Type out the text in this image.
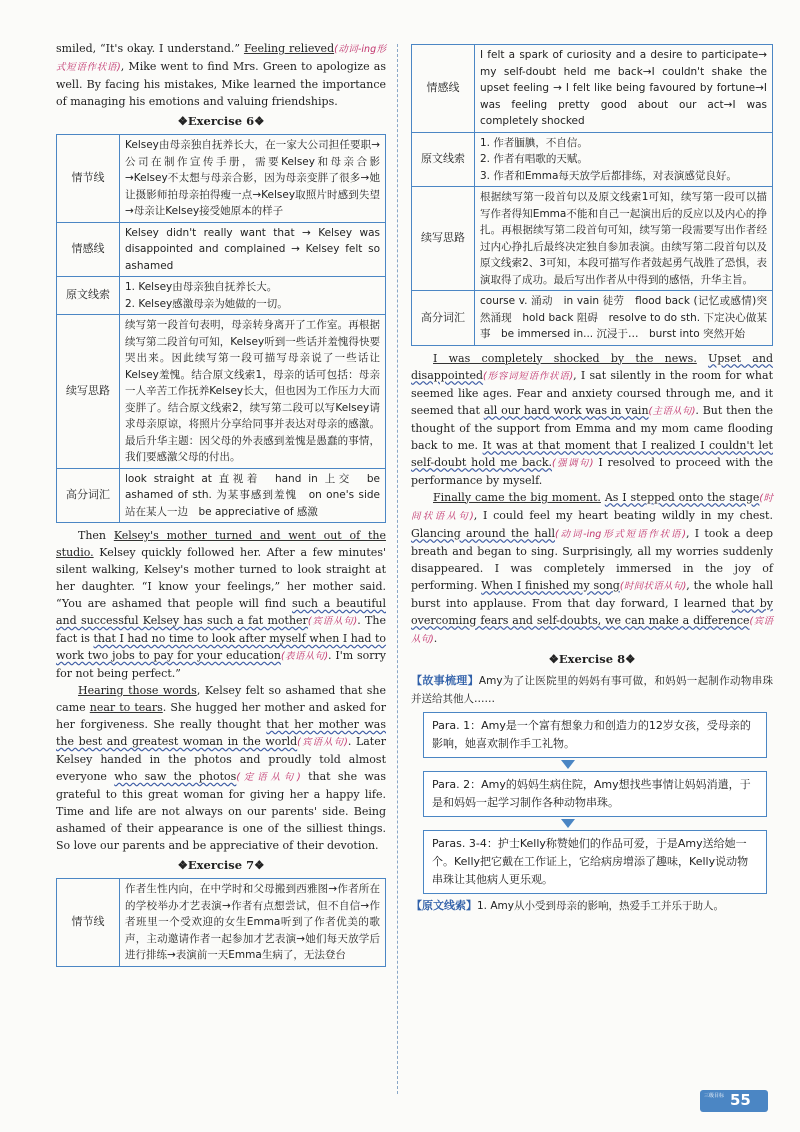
smiled, “It's okay. I understand.” Feeling relieved(动词-ing形式短语作状语), Mike went to find Mrs. Green to apologize as well. By facing his mistakes, Mike learned the importance of managing his emotions and valuing friendships.

❖Exercise 6❖
情节线	Kelsey由母亲独自抚养长大，在一家大公司担任要职→公司在制作宣传手册，需要Kelsey和母亲合影→Kelsey不太想与母亲合影，因为母亲变胖了很多→她让摄影师拍母亲拍得瘦一点→Kelsey取照片时感到失望→母亲让Kelsey接受她原本的样子
情感线	Kelsey didn't really want that → Kelsey was disappointed and complained → Kelsey felt so ashamed
原文线索	1. Kelsey由母亲独自抚养长大。
2. Kelsey感激母亲为她做的一切。
续写思路	续写第一段首句表明，母亲转身离开了工作室。再根据续写第二段首句可知，Kelsey听到一些话并羞愧得快要哭出来。因此续写第一段可描写母亲说了一些话让Kelsey羞愧。结合原文线索1，母亲的话可包括：母亲一人辛苦工作抚养Kelsey长大，但也因为工作压力大而变胖了。结合原文线索2，续写第二段可以写Kelsey请求母亲原谅，将照片分享给同事并表达对母亲的感激。最后升华主题：因父母的外表感到羞愧是愚蠢的事情，我们要感激父母的付出。
高分词汇	look straight at 直视着　hand in 上交　be ashamed of sth. 为某事感到羞愧　on one's side 站在某人一边　be appreciative of 感激

Then Kelsey's mother turned and went out of the studio. Kelsey quickly followed her. After a few minutes' silent walking, Kelsey's mother turned to look straight at her daughter. “I know your feelings,” her mother said. “You are ashamed that people will find such a beautiful and successful Kelsey has such a fat mother(宾语从句). The fact is that I had no time to look after myself when I had to work two jobs to pay for your education(表语从句). I'm sorry for not being perfect.”

Hearing those words, Kelsey felt so ashamed that she came near to tears. She hugged her mother and asked for her forgiveness. She really thought that her mother was the best and greatest woman in the world(宾语从句). Later Kelsey handed in the photos and proudly told almost everyone who saw the photos(定语从句) that she was grateful to this great woman for giving her a happy life. Time and life are not always on our parents' side. Being ashamed of their appearance is one of the silliest things. So love our parents and be appreciative of their devotion.

❖Exercise 7❖
情节线	作者生性内向，在中学时和父母搬到西雅图→作者所在的学校举办才艺表演→作者有点想尝试，但不自信→作者班里一个受欢迎的女生Emma听到了作者优美的歌声，主动邀请作者一起参加才艺表演→她们每天放学后进行排练→表演前一天Emma生病了，无法登台
情感线	I felt a spark of curiosity and a desire to participate→ my self-doubt held me back→I couldn't shake the upset feeling → I felt like being favoured by fortune→I was feeling pretty good about our act→I was completely shocked
原文线索	1. 作者腼腆，不自信。
2. 作者有唱歌的天赋。
3. 作者和Emma每天放学后都排练，对表演感觉良好。
续写思路	根据续写第一段首句以及原文线索1可知，续写第一段可以描写作者得知Emma不能和自己一起演出后的反应以及内心的挣扎。再根据续写第二段首句可知，续写第一段需要写出作者经过内心挣扎后最终决定独自参加表演。由续写第二段首句以及原文线索2、3可知，本段可描写作者鼓起勇气战胜了恐惧，表演取得了成功。最后写出作者从中得到的感悟，升华主旨。
高分词汇	course v. 涌动　in vain 徒劳　flood back (记忆或感情)突然涌现　hold back 阻碍　resolve to do sth. 下定决心做某事　be immersed in... 沉浸于…　burst into 突然开始

I was completely shocked by the news. Upset and disappointed(形容词短语作状语), I sat silently in the room for what seemed like ages. Fear and anxiety coursed through me, and it seemed that all our hard work was in vain(主语从句). But then the thought of the support from Emma and my mom came flooding back to me. It was at that moment that I realized I couldn't let self-doubt hold me back.(强调句) I resolved to proceed with the performance by myself.

Finally came the big moment. As I stepped onto the stage(时间状语从句), I could feel my heart beating wildly in my chest. Glancing around the hall(动词-ing形式短语作状语), I took a deep breath and began to sing. Surprisingly, all my worries suddenly disappeared. I was completely immersed in the joy of performing. When I finished my song(时间状语从句), the whole hall burst into applause. From that day forward, I learned that by overcoming fears and self-doubts, we can make a difference(宾语从句).

❖Exercise 8❖

【故事梳理】Amy为了让医院里的妈妈有事可做，和妈妈一起制作动物串珠并送给其他人……

Para. 1：Amy是一个富有想象力和创造力的12岁女孩，受母亲的影响，她喜欢制作手工礼物。
Para. 2：Amy的妈妈生病住院，Amy想找些事情让妈妈消遣，于是和妈妈一起学习制作各种动物串珠。
Paras. 3-4：护士Kelly称赞她们的作品可爱，于是Amy送给她一个。Kelly把它戴在工作证上，它给病房增添了趣味，Kelly说动物串珠让其他病人更乐观。

【原文线索】1. Amy从小受到母亲的影响，热爱手工并乐于助人。

三级目标 55
